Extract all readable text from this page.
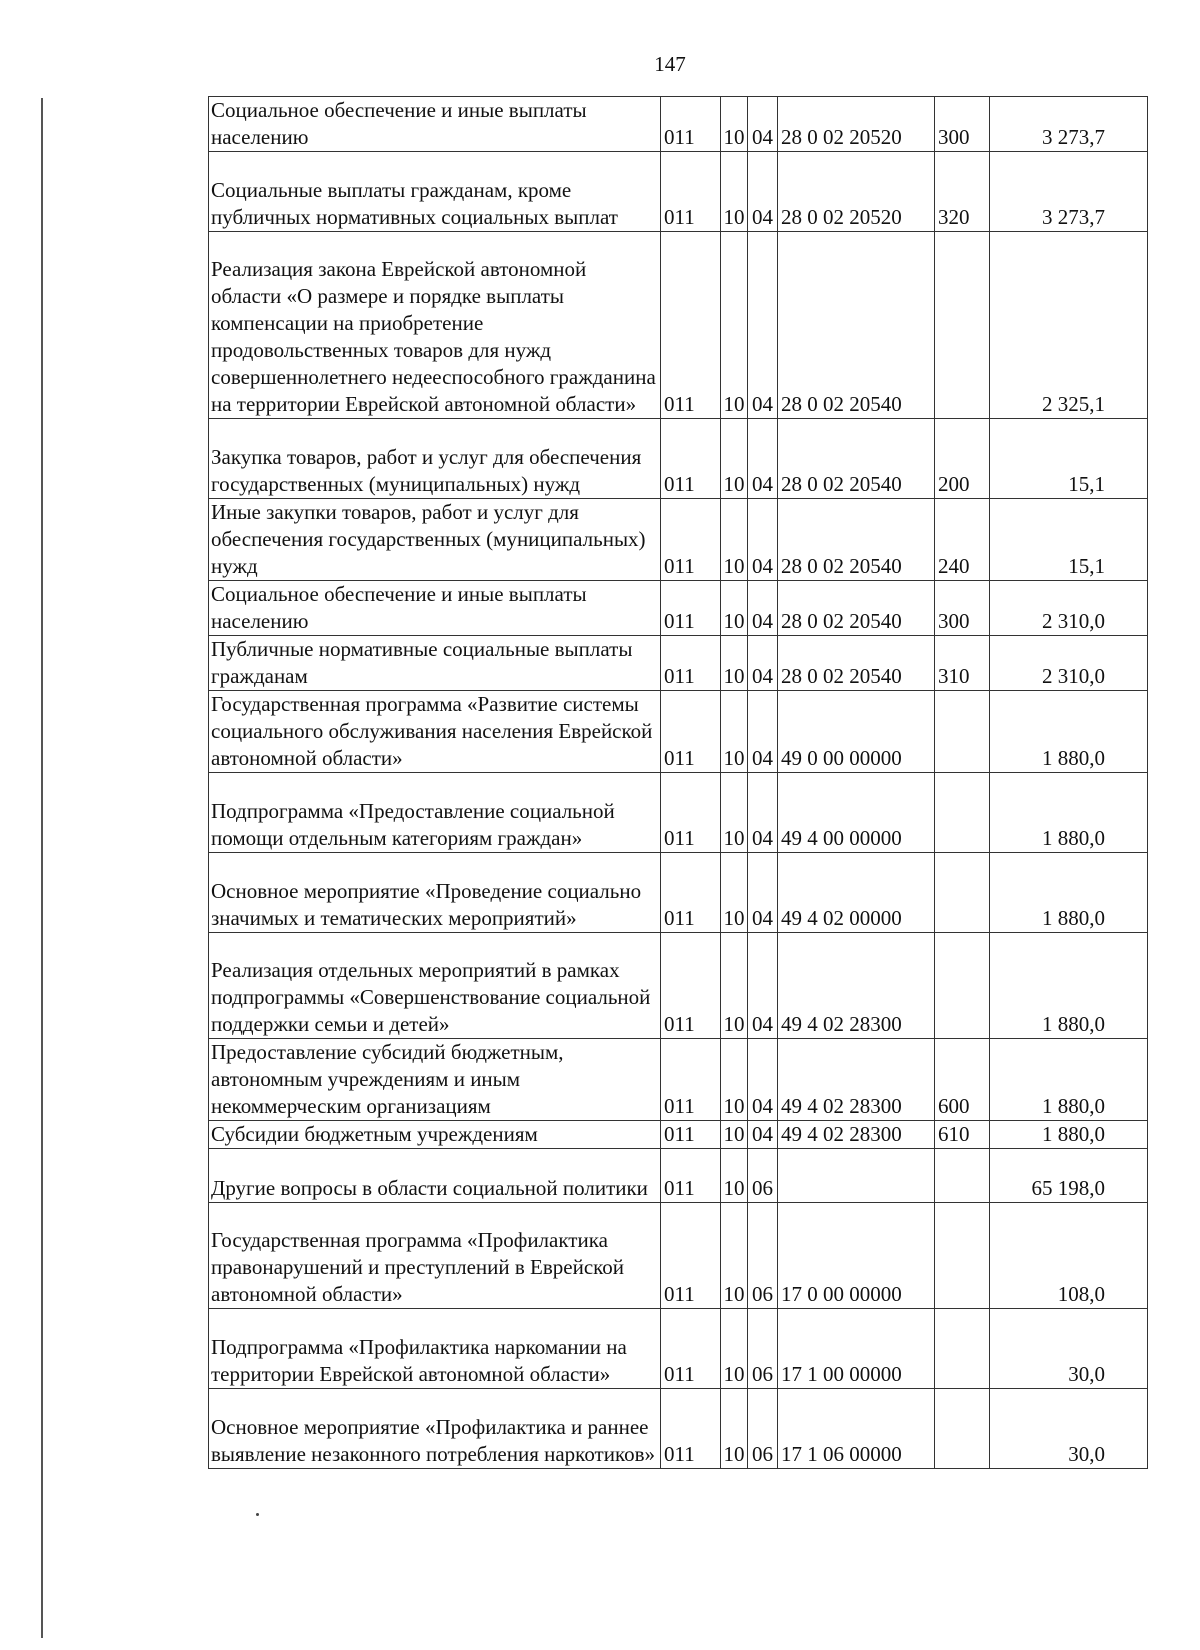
147
Социальное обеспечение и иные выплаты населению	011	10	04	28 0 02 20520	300	3 273,7
Социальные выплаты гражданам, кроме публичных нормативных социальных выплат	011	10	04	28 0 02 20520	320	3 273,7
Реализация закона Еврейской автономной области «О размере и порядке выплаты компенсации на приобретение продовольственных товаров для нужд совершеннолетнего недееспособного гражданина на территории Еврейской автономной области»	011	10	04	28 0 02 20540		2 325,1
Закупка товаров, работ и услуг для обеспечения государственных (муниципальных) нужд	011	10	04	28 0 02 20540	200	15,1
Иные закупки товаров, работ и услуг для обеспечения государственных (муниципальных) нужд	011	10	04	28 0 02 20540	240	15,1
Социальное обеспечение и иные выплаты населению	011	10	04	28 0 02 20540	300	2 310,0
Публичные нормативные социальные выплаты гражданам	011	10	04	28 0 02 20540	310	2 310,0
Государственная программа «Развитие системы социального обслуживания населения Еврейской автономной области»	011	10	04	49 0 00 00000		1 880,0
Подпрограмма «Предоставление социальной помощи отдельным категориям граждан»	011	10	04	49 4 00 00000		1 880,0
Основное мероприятие «Проведение социально значимых и тематических мероприятий»	011	10	04	49 4 02 00000		1 880,0
Реализация отдельных мероприятий в рамках подпрограммы «Совершенствование социальной поддержки семьи и детей»	011	10	04	49 4 02 28300		1 880,0
Предоставление субсидий бюджетным, автономным учреждениям и иным некоммерческим организациям	011	10	04	49 4 02 28300	600	1 880,0
Субсидии бюджетным учреждениям	011	10	04	49 4 02 28300	610	1 880,0
Другие вопросы в области социальной политики	011	10	06			65 198,0
Государственная программа «Профилактика правонарушений и преступлений в Еврейской автономной области»	011	10	06	17 0 00 00000		108,0
Подпрограмма «Профилактика наркомании на территории Еврейской автономной области»	011	10	06	17 1 00 00000		30,0
Основное мероприятие «Профилактика и раннее выявление незаконного потребления наркотиков»	011	10	06	17 1 06 00000		30,0
